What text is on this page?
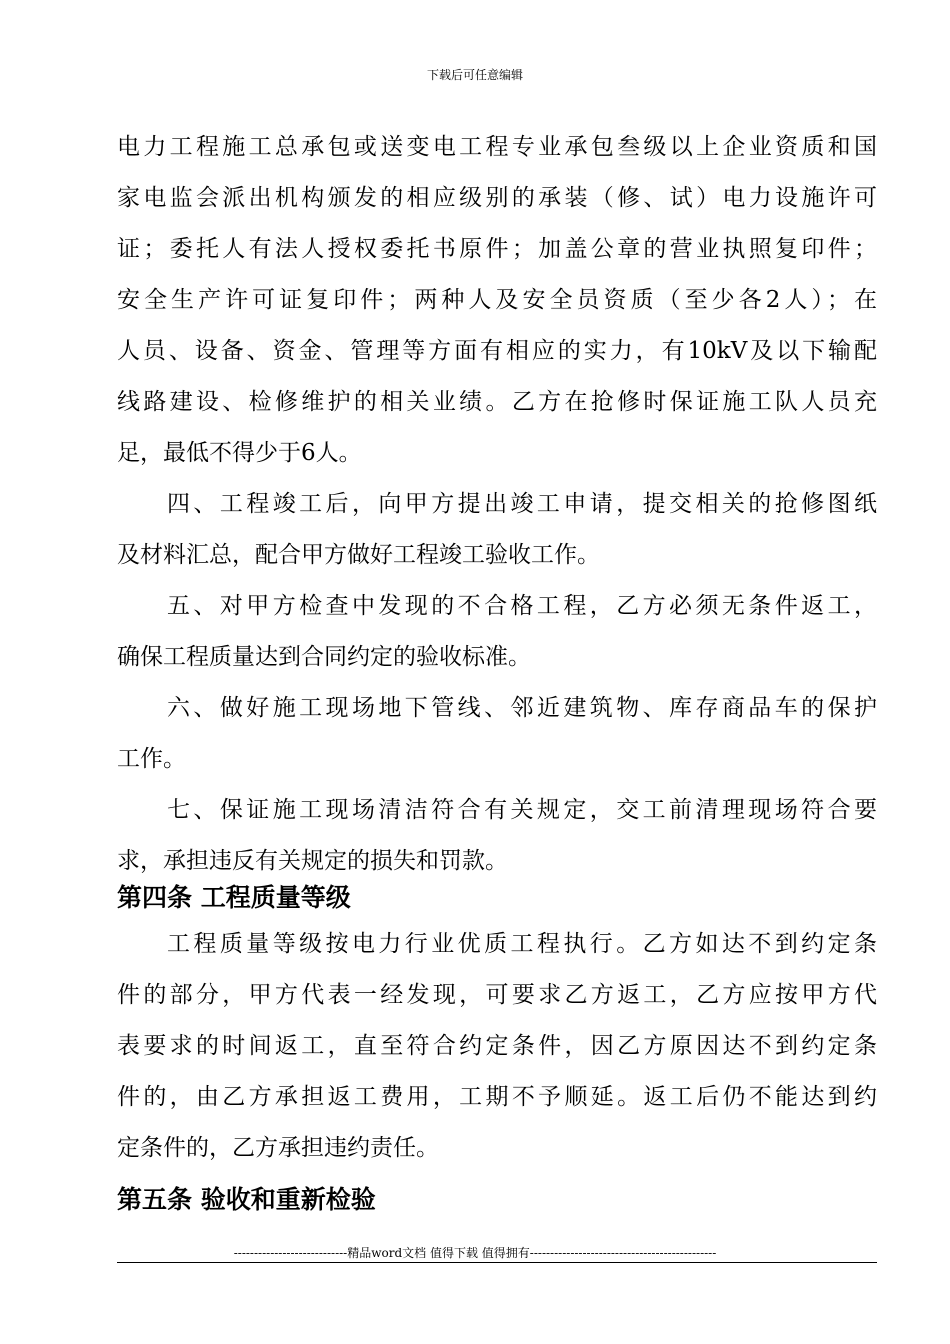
下载后可任意编辑
电力工程施工总承包或送变电工程专业承包叁级以上企业资质和国
家电监会派出机构颁发的相应级别的承装（修、试）电力设施许可
证；委托人有法人授权委托书原件；加盖公章的营业执照复印件；
安全生产许可证复印件；两种人及安全员资质（至少各2人）；在
人员、设备、资金、管理等方面有相应的实力，有10kV及以下输配
线路建设、检修维护的相关业绩。乙方在抢修时保证施工队人员充
足，最低不得少于6人。
四、工程竣工后，向甲方提出竣工申请，提交相关的抢修图纸
及材料汇总，配合甲方做好工程竣工验收工作。
五、对甲方检查中发现的不合格工程，乙方必须无条件返工，
确保工程质量达到合同约定的验收标准。
六、做好施工现场地下管线、邻近建筑物、库存商品车的保护
工作。
七、保证施工现场清洁符合有关规定，交工前清理现场符合要
求，承担违反有关规定的损失和罚款。
第四条 工程质量等级
工程质量等级按电力行业优质工程执行。乙方如达不到约定条
件的部分，甲方代表一经发现，可要求乙方返工，乙方应按甲方代
表要求的时间返工，直至符合约定条件，因乙方原因达不到约定条
件的，由乙方承担返工费用，工期不予顺延。返工后仍不能达到约
定条件的，乙方承担违约责任。
第五条 验收和重新检验
----------------------------精品word文档 值得下载 值得拥有----------------------------------------------
